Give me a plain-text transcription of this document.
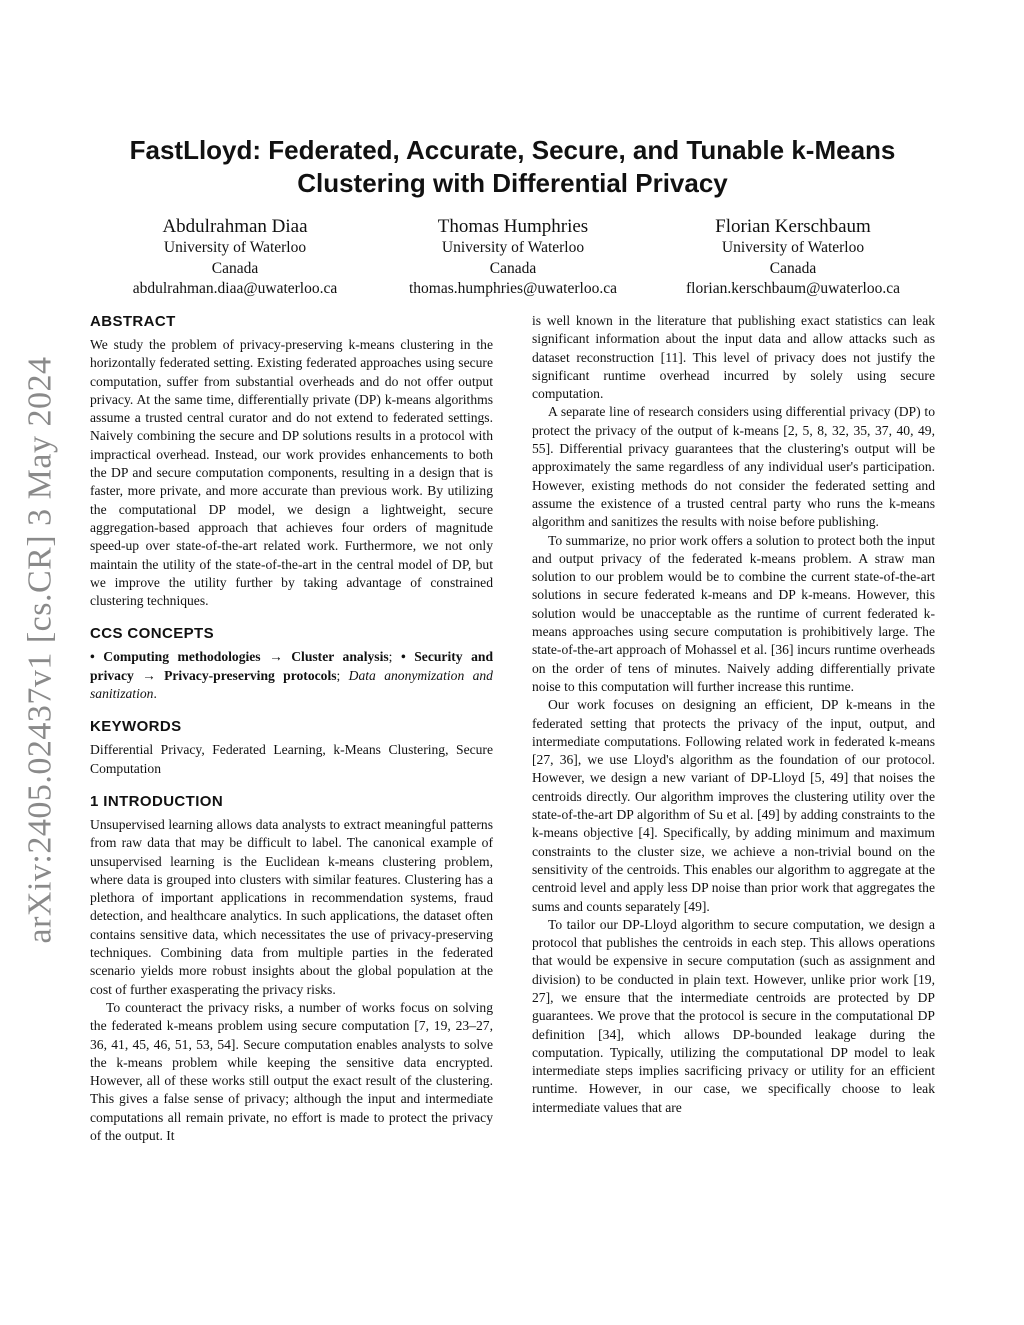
arXiv:2405.02437v1 [cs.CR] 3 May 2024
FastLloyd: Federated, Accurate, Secure, and Tunable k-Means
Clustering with Differential Privacy
Abdulrahman Diaa
University of Waterloo
Canada
abdulrahman.diaa@uwaterloo.ca
Thomas Humphries
University of Waterloo
Canada
thomas.humphries@uwaterloo.ca
Florian Kerschbaum
University of Waterloo
Canada
florian.kerschbaum@uwaterloo.ca
ABSTRACT

We study the problem of privacy-preserving k-means clustering in the horizontally federated setting. Existing federated approaches using secure computation, suffer from substantial overheads and do not offer output privacy. At the same time, differentially private (DP) k-means algorithms assume a trusted central curator and do not extend to federated settings. Naively combining the secure and DP solutions results in a protocol with impractical overhead. Instead, our work provides enhancements to both the DP and secure computation components, resulting in a design that is faster, more private, and more accurate than previous work. By utilizing the computational DP model, we design a lightweight, secure aggregation-based approach that achieves four orders of magnitude speed-up over state-of-the-art related work. Furthermore, we not only maintain the utility of the state-of-the-art in the central model of DP, but we improve the utility further by taking advantage of constrained clustering techniques.

CCS CONCEPTS

• Computing methodologies → Cluster analysis; • Security and privacy → Privacy-preserving protocols; Data anonymization and sanitization.

KEYWORDS

Differential Privacy, Federated Learning, k-Means Clustering, Secure Computation

1 INTRODUCTION

Unsupervised learning allows data analysts to extract meaningful patterns from raw data that may be difficult to label. The canonical example of unsupervised learning is the Euclidean k-means clustering problem, where data is grouped into clusters with similar features. Clustering has a plethora of important applications in recommendation systems, fraud detection, and healthcare analytics. In such applications, the dataset often contains sensitive data, which necessitates the use of privacy-preserving techniques. Combining data from multiple parties in the federated scenario yields more robust insights about the global population at the cost of further exasperating the privacy risks.

To counteract the privacy risks, a number of works focus on solving the federated k-means problem using secure computation [7, 19, 23–27, 36, 41, 45, 46, 51, 53, 54]. Secure computation enables analysts to solve the k-means problem while keeping the sensitive data encrypted. However, all of these works still output the exact result of the clustering. This gives a false sense of privacy; although the input and intermediate computations all remain private, no effort is made to protect the privacy of the output. It

is well known in the literature that publishing exact statistics can leak significant information about the input data and allow attacks such as dataset reconstruction [11]. This level of privacy does not justify the significant runtime overhead incurred by solely using secure computation.

A separate line of research considers using differential privacy (DP) to protect the privacy of the output of k-means [2, 5, 8, 32, 35, 37, 40, 49, 55]. Differential privacy guarantees that the clustering's output will be approximately the same regardless of any individual user's participation. However, existing methods do not consider the federated setting and assume the existence of a trusted central party who runs the k-means algorithm and sanitizes the results with noise before publishing.

To summarize, no prior work offers a solution to protect both the input and output privacy of the federated k-means problem. A straw man solution to our problem would be to combine the current state-of-the-art solutions in secure federated k-means and DP k-means. However, this solution would be unacceptable as the runtime of current federated k-means approaches using secure computation is prohibitively large. The state-of-the-art approach of Mohassel et al. [36] incurs runtime overheads on the order of tens of minutes. Naively adding differentially private noise to this computation will further increase this runtime.

Our work focuses on designing an efficient, DP k-means in the federated setting that protects the privacy of the input, output, and intermediate computations. Following related work in federated k-means [27, 36], we use Lloyd's algorithm as the foundation of our protocol. However, we design a new variant of DP-Lloyd [5, 49] that noises the centroids directly. Our algorithm improves the clustering utility over the state-of-the-art DP algorithm of Su et al. [49] by adding constraints to the k-means objective [4]. Specifically, by adding minimum and maximum constraints to the cluster size, we achieve a non-trivial bound on the sensitivity of the centroids. This enables our algorithm to aggregate at the centroid level and apply less DP noise than prior work that aggregates the sums and counts separately [49].

To tailor our DP-Lloyd algorithm to secure computation, we design a protocol that publishes the centroids in each step. This allows operations that would be expensive in secure computation (such as assignment and division) to be conducted in plain text. However, unlike prior work [19, 27], we ensure that the intermediate centroids are protected by DP guarantees. We prove that the protocol is secure in the computational DP definition [34], which allows DP-bounded leakage during the computation. Typically, utilizing the computational DP model to leak intermediate steps implies sacrificing privacy or utility for an efficient runtime. However, in our case, we specifically choose to leak intermediate values that are
